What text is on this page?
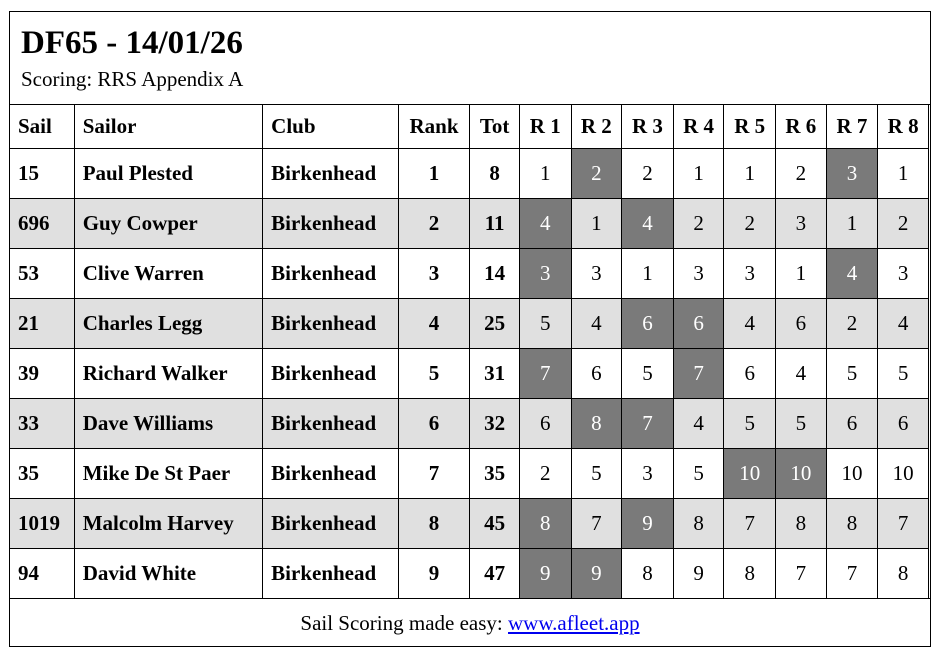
DF65 - 14/01/26
Scoring: RRS Appendix A
Sail	Sailor	Club	Rank	Tot	R 1	R 2	R 3	R 4	R 5	R 6	R 7	R 8
15	Paul Plested	Birkenhead	1	8	1	2	2	1	1	2	3	1
696	Guy Cowper	Birkenhead	2	11	4	1	4	2	2	3	1	2
53	Clive Warren	Birkenhead	3	14	3	3	1	3	3	1	4	3
21	Charles Legg	Birkenhead	4	25	5	4	6	6	4	6	2	4
39	Richard Walker	Birkenhead	5	31	7	6	5	7	6	4	5	5
33	Dave Williams	Birkenhead	6	32	6	8	7	4	5	5	6	6
35	Mike De St Paer	Birkenhead	7	35	2	5	3	5	10	10	10	10
1019	Malcolm Harvey	Birkenhead	8	45	8	7	9	8	7	8	8	7
94	David White	Birkenhead	9	47	9	9	8	9	8	7	7	8
Sail Scoring made easy: www.afleet.app
